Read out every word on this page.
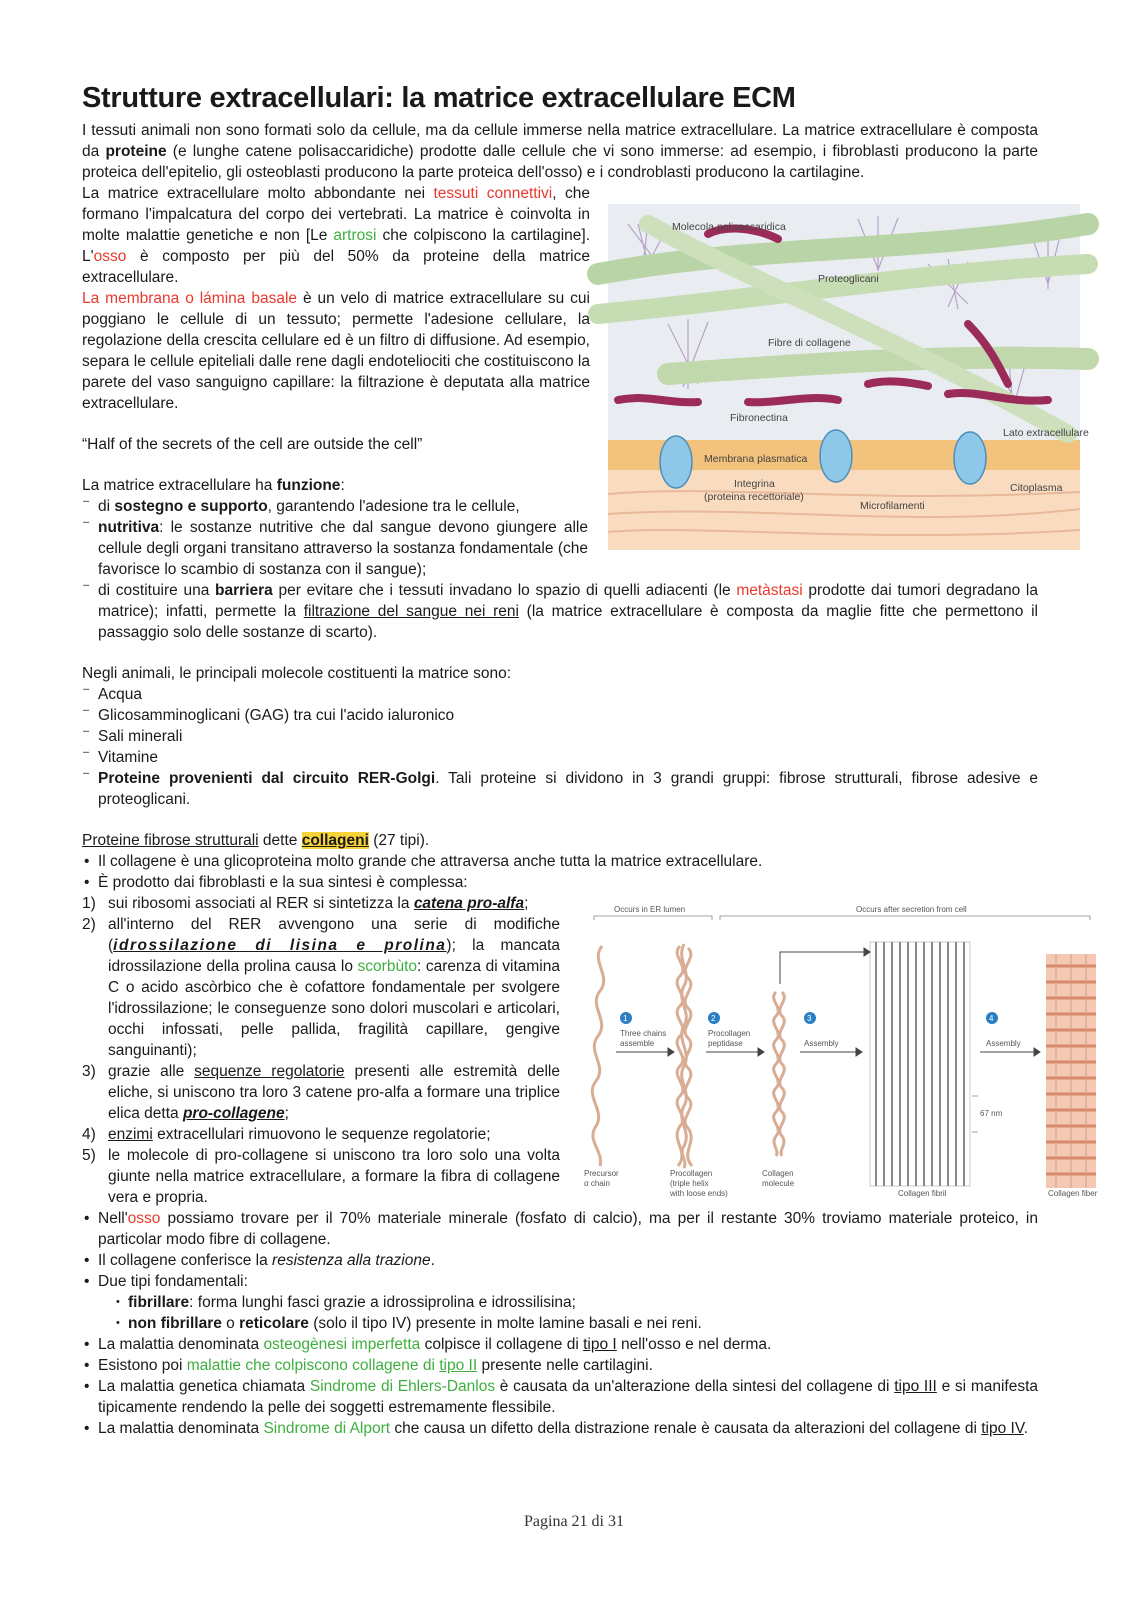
Strutture extracellulari: la matrice extracellulare ECM

I tessuti animali non sono formati solo da cellule, ma da cellule immerse nella matrice extracellulare. La matrice extracellulare è composta da proteine (e lunghe catene polisaccaridiche) prodotte dalle cellule che vi sono immerse: ad esempio, i fibroblasti producono la parte proteica dell'epitelio, gli osteoblasti producono la parte proteica dell'osso) e i condroblasti producono la cartilagine.

La matrice extracellulare molto abbondante nei tessuti connettivi, che formano l'impalcatura del corpo dei vertebrati. La matrice è coinvolta in molte malattie genetiche e non [Le artrosi che colpiscono la cartilagine]. L'osso è composto per più del 50% da proteine della matrice extracellulare.

La membrana o lámina basale è un velo di matrice extracellulare su cui poggiano le cellule di un tessuto; permette l'adesione cellulare, la regolazione della crescita cellulare ed è un filtro di diffusione. Ad esempio, separa le cellule epiteliali dalle rene dagli endoteliociti che costituiscono la parete del vaso sanguigno capillare: la filtrazione è deputata alla matrice extracellulare.

“Half of the secrets of the cell are outside the cell”

La matrice extracellulare ha funzione:

⁻ di sostegno e supporto, garantendo l'adesione tra le cellule,
⁻ nutritiva: le sostanze nutritive che dal sangue devono giungere alle cellule degli organi transitano attraverso la sostanza fondamentale (che favorisce lo scambio di sostanza con il sangue);
⁻ di costituire una barriera per evitare che i tessuti invadano lo spazio di quelli adiacenti (le metàstasi prodotte dai tumori degradano la matrice); infatti, permette la filtrazione del sangue nei reni (la matrice extracellulare è composta da maglie fitte che permettono il passaggio solo delle sostanze di scarto).

Negli animali, le principali molecole costituenti la matrice sono:

⁻ Acqua
⁻ Glicosamminoglicani (GAG) tra cui l'acido ialuronico
⁻ Sali minerali
⁻ Vitamine
⁻ Proteine provenienti dal circuito RER-Golgi. Tali proteine si dividono in 3 grandi gruppi: fibrose strutturali, fibrose adesive e proteoglicani.

Proteine fibrose strutturali dette collageni (27 tipi).

• Il collagene è una glicoproteina molto grande che attraversa anche tutta la matrice extracellulare.
• È prodotto dai fibroblasti e la sua sintesi è complessa:
1) sui ribosomi associati al RER si sintetizza la catena pro-alfa;
2) all'interno del RER avvengono una serie di modifiche (idrossilazione di lisina e prolina); la mancata idrossilazione della prolina causa lo scorbùto: carenza di vitamina C o acido ascòrbico che è cofattore fondamentale per svolgere l'idrossilazione; le conseguenze sono dolori muscolari e articolari, occhi infossati, pelle pallida, fragilità capillare, gengive sanguinanti);
3) grazie alle sequenze regolatorie presenti alle estremità delle eliche, si uniscono tra loro 3 catene pro-alfa a formare una triplice elica detta pro-collagene;
4) enzimi extracellulari rimuovono le sequenze regolatorie;
5) le molecole di pro-collagene si uniscono tra loro solo una volta giunte nella matrice extracellulare, a formare la fibra di collagene vera e propria.
• Nell'osso possiamo trovare per il 70% materiale minerale (fosfato di calcio), ma per il restante 30% troviamo materiale proteico, in particolar modo fibre di collagene.
• Il collagene conferisce la resistenza alla trazione.
• Due tipi fondamentali:
• fibrillare: forma lunghi fasci grazie a idrossiprolina e idrossilisina;
• non fibrillare o reticolare (solo il tipo IV) presente in molte lamine basali e nei reni.
• La malattia denominata osteogènesi imperfetta colpisce il collagene di tipo I nell'osso e nel derma.
• Esistono poi malattie che colpiscono collagene di tipo II presente nelle cartilagini.
• La malattia genetica chiamata Sindrome di Ehlers-Danlos è causata da un'alterazione della sintesi del collagene di tipo III e si manifesta tipicamente rendendo la pelle dei soggetti estremamente flessibile.
• La malattia denominata Sindrome di Alport che causa un difetto della distrazione renale è causata da alterazioni del collagene di tipo IV.
Molecola polisaccaridica
Proteoglicani
Fibre di collagene
Fibronectina
Lato extracellulare
Membrana plasmatica
Integrina
(proteina recettoriale)
Citoplasma
Microfilamenti
Occurs in ER lumen	Occurs after secretion from cell
1	2	3	4
Three chains
assemble
Procollagen
peptidase	Assembly	Assembly
67 nm
Precursor
α chain
Procollagen
(triple helix
with loose ends)
Collagen
molecule
Collagen fibril	Collagen fiber
Pagina 21 di 31
